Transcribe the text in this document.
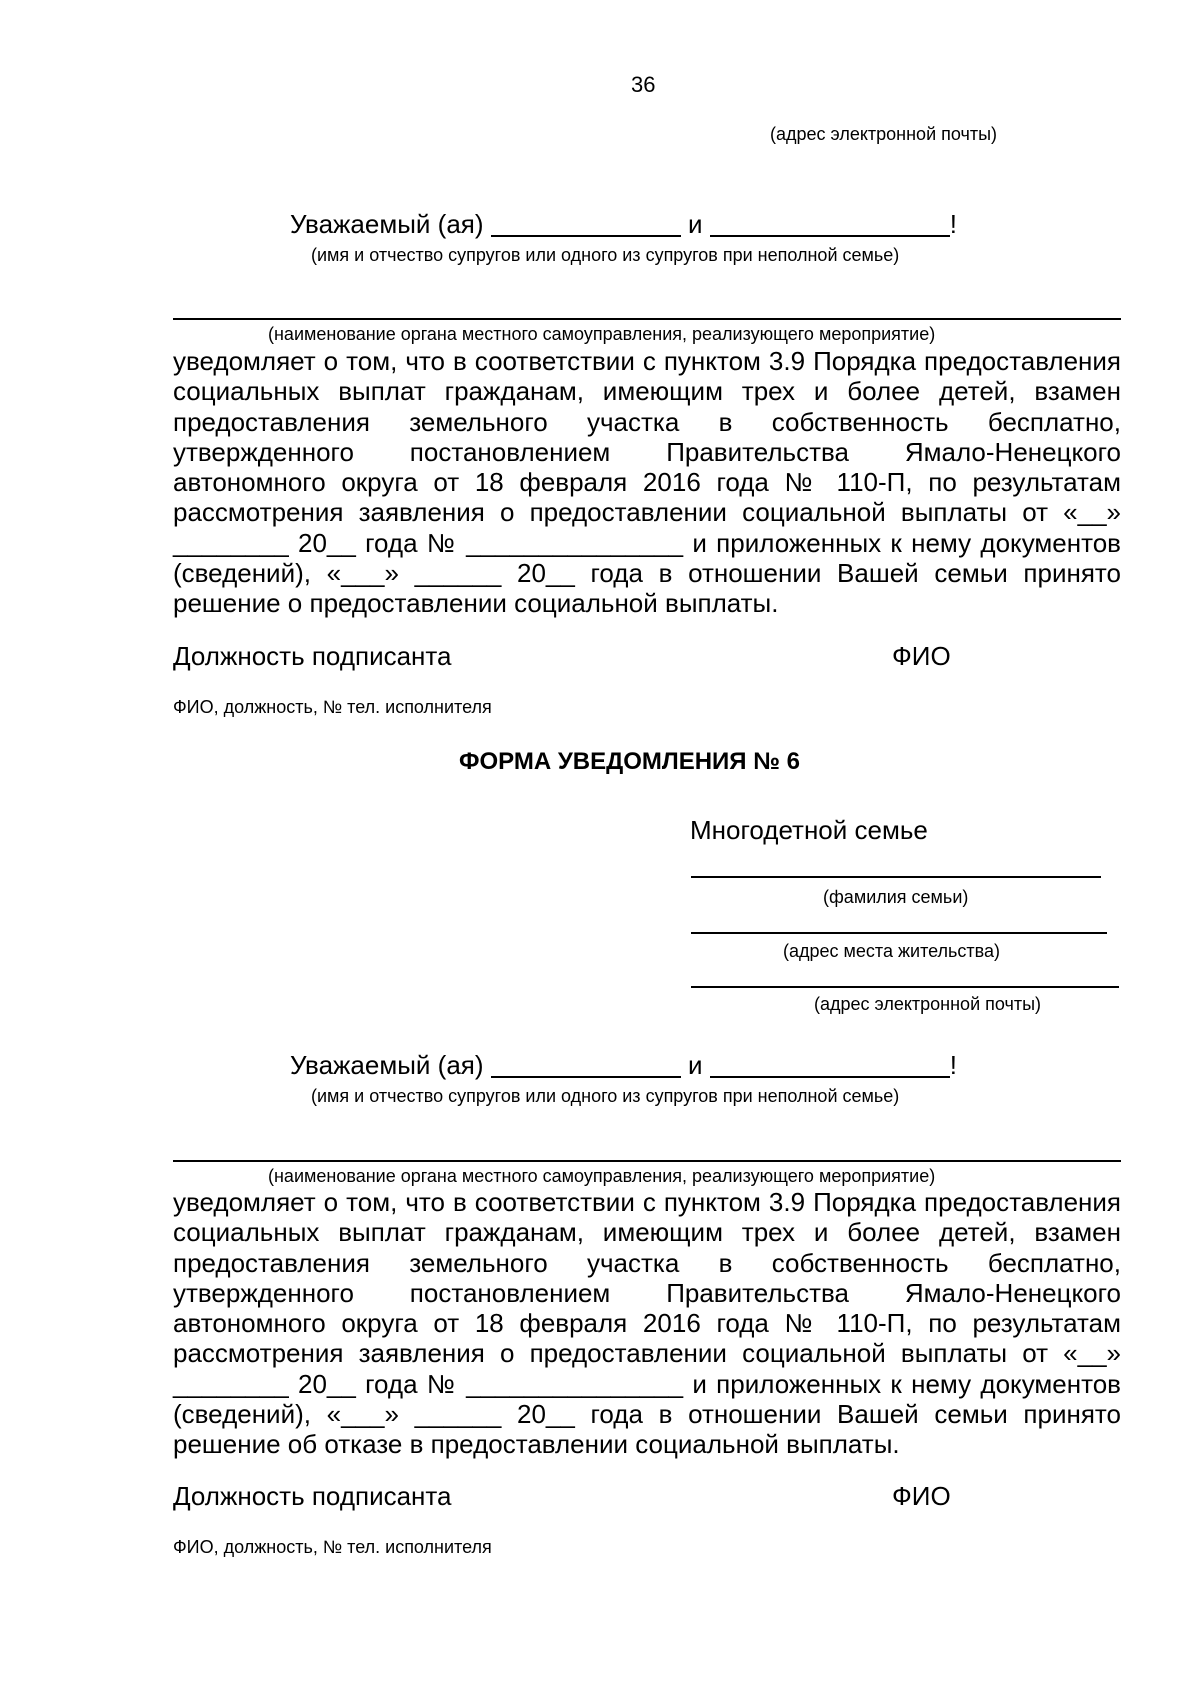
36
(адрес электронной почты)
Уважаемый (ая)	и	!
(имя и отчество супругов или одного из супругов при неполной семье)
(наименование органа местного самоуправления, реализующего мероприятие)
уведомляет о том, что в соответствии с пунктом 3.9 Порядка предоставления
социальных выплат гражданам, имеющим трех и более детей, взамен
предоставления земельного участка в собственность бесплатно,
утвержденного постановлением Правительства Ямало-Ненецкого
автономного округа от 18 февраля 2016 года № 110-П, по результатам
рассмотрения заявления о предоставлении социальной выплаты от «__»
________ 20__ года № _______________ и приложенных к нему документов
(сведений), «___» ______ 20__ года в отношении Вашей семьи принято
решение о предоставлении социальной выплаты.
Должность подписанта	ФИО
ФИО, должность, № тел. исполнителя
ФОРМА УВЕДОМЛЕНИЯ № 6
Многодетной семье
(фамилия семьи)
(адрес места жительства)
(адрес электронной почты)
Уважаемый (ая)	и	!
(имя и отчество супругов или одного из супругов при неполной семье)
(наименование органа местного самоуправления, реализующего мероприятие)
уведомляет о том, что в соответствии с пунктом 3.9 Порядка предоставления
социальных выплат гражданам, имеющим трех и более детей, взамен
предоставления земельного участка в собственность бесплатно,
утвержденного постановлением Правительства Ямало-Ненецкого
автономного округа от 18 февраля 2016 года № 110-П, по результатам
рассмотрения заявления о предоставлении социальной выплаты от «__»
________ 20__ года № _______________ и приложенных к нему документов
(сведений), «___» ______ 20__ года в отношении Вашей семьи принято
решение об отказе в предоставлении социальной выплаты.
Должность подписанта	ФИО
ФИО, должность, № тел. исполнителя
